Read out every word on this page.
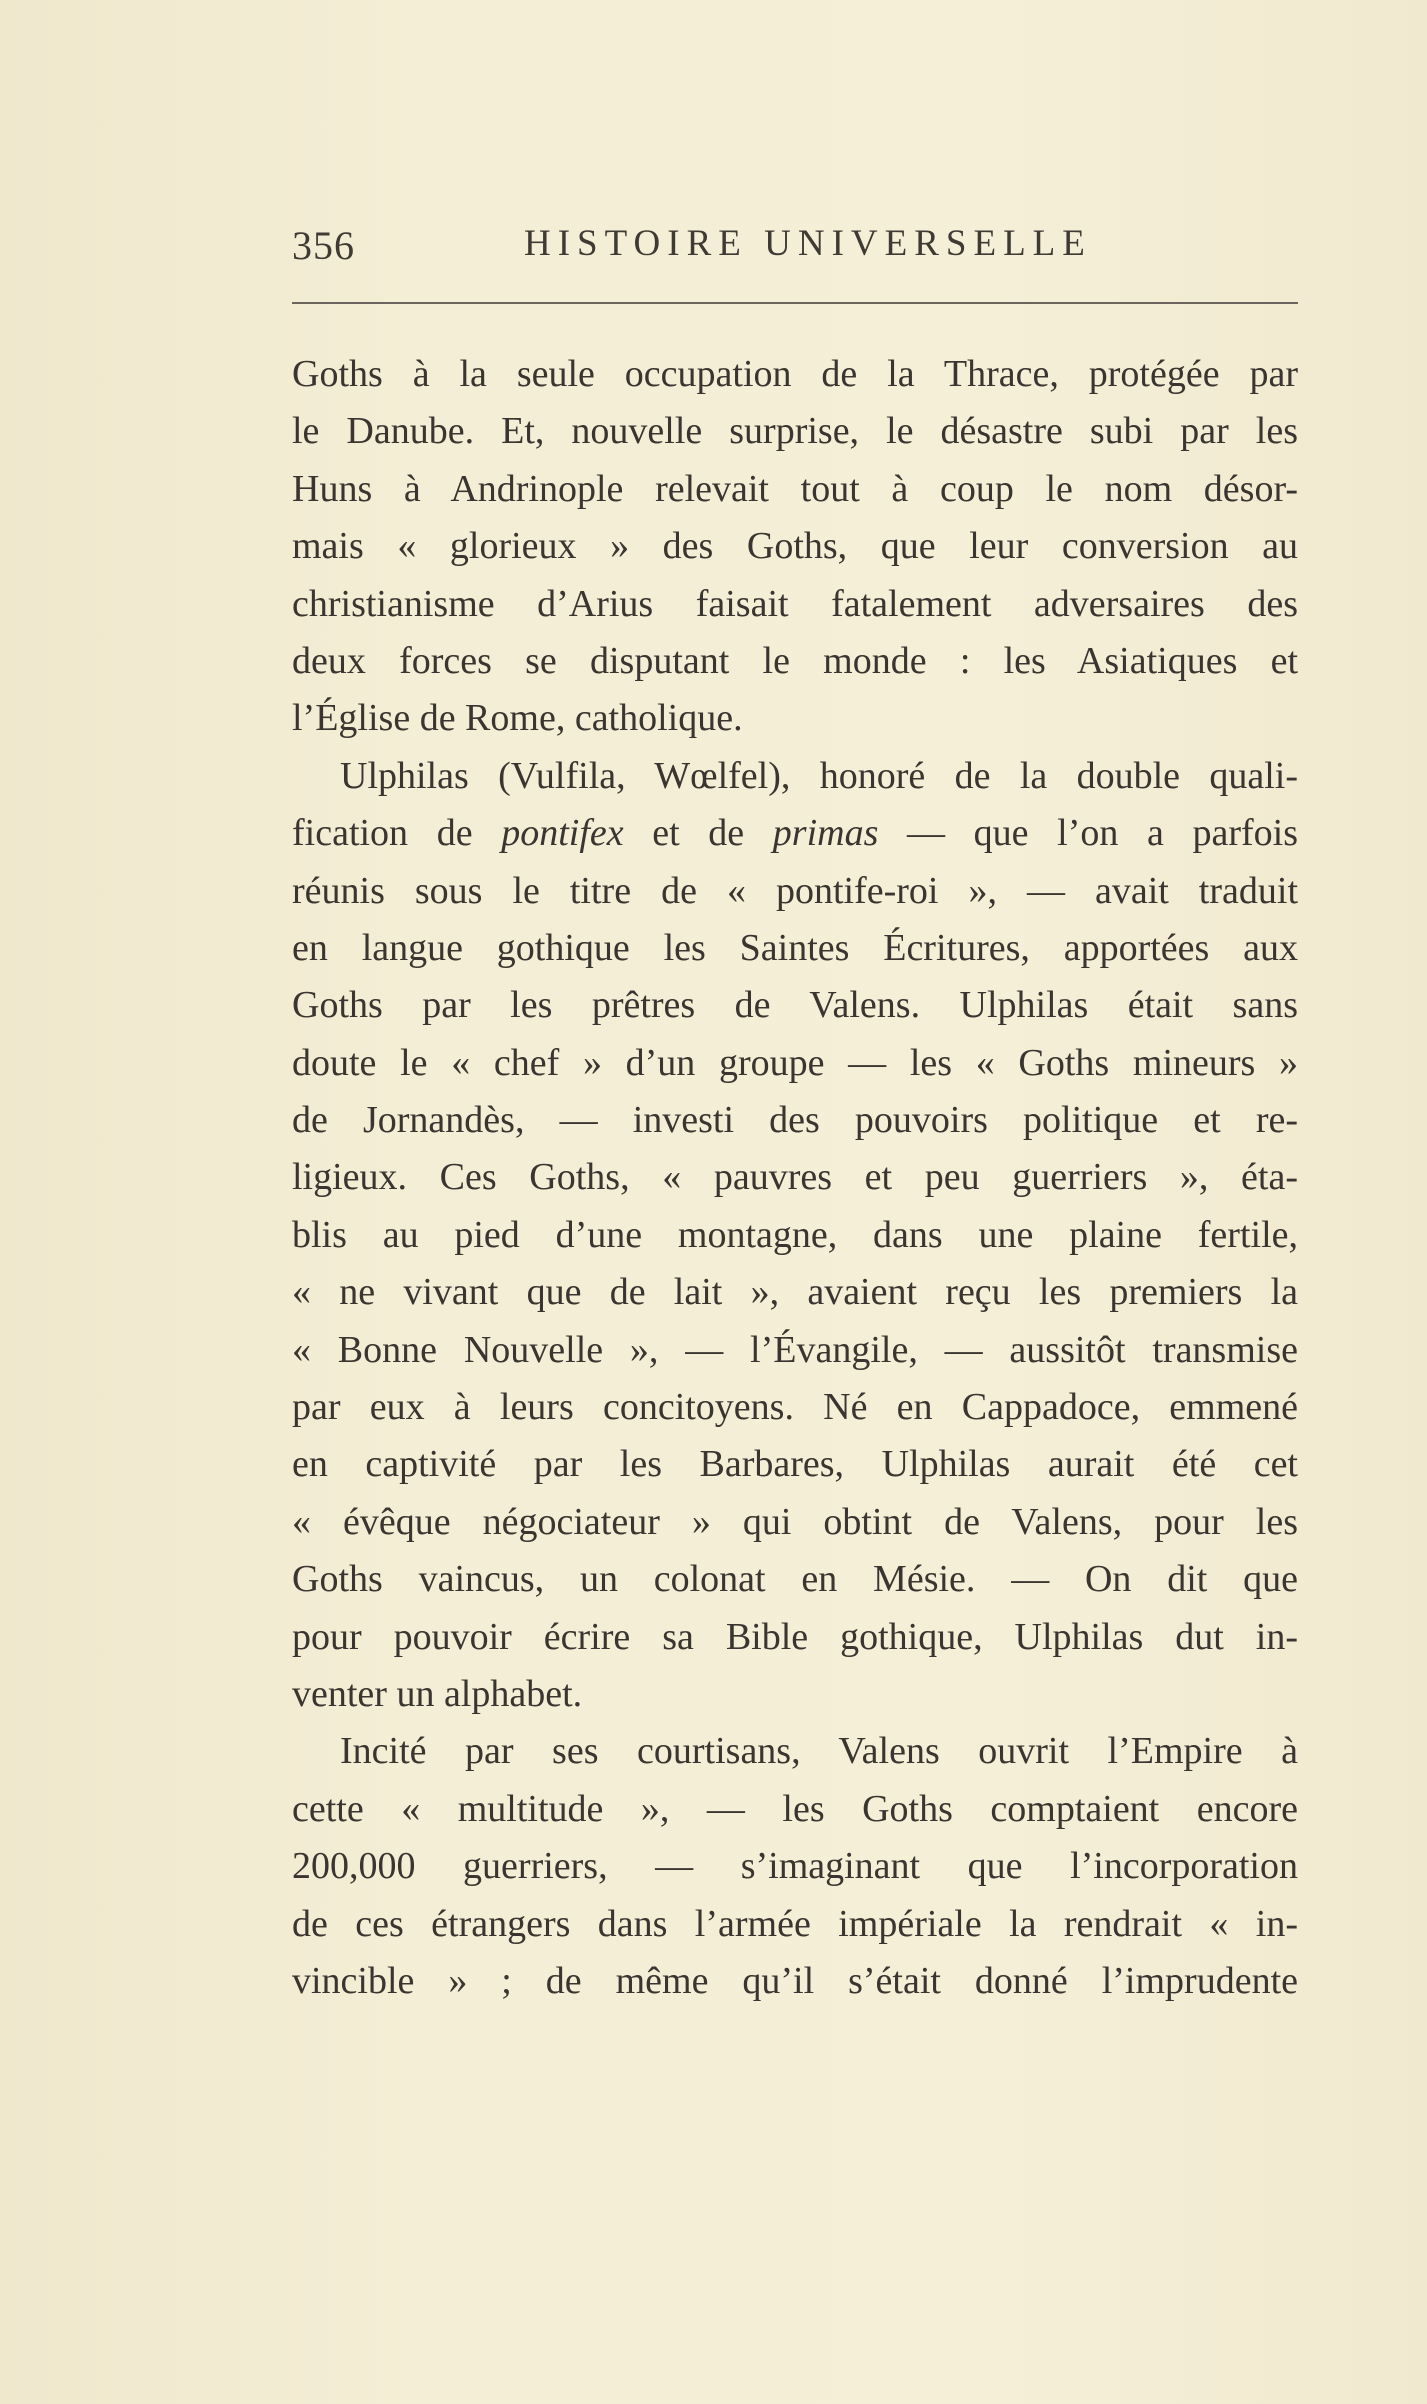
356	HISTOIRE UNIVERSELLE
Goths à la seule occupation de la Thrace, protégée par
le Danube. Et, nouvelle surprise, le désastre subi par les
Huns à Andrinople relevait tout à coup le nom désor-
mais « glorieux » des Goths, que leur conversion au
christianisme d’Arius faisait fatalement adversaires des
deux forces se disputant le monde : les Asiatiques et
l’Église de Rome, catholique.
Ulphilas (Vulfila, Wœlfel), honoré de la double quali-
fication de pontifex et de primas — que l’on a parfois
réunis sous le titre de « pontife-roi », — avait traduit
en langue gothique les Saintes Écritures, apportées aux
Goths par les prêtres de Valens. Ulphilas était sans
doute le « chef » d’un groupe — les « Goths mineurs »
de Jornandès, — investi des pouvoirs politique et re-
ligieux. Ces Goths, « pauvres et peu guerriers », éta-
blis au pied d’une montagne, dans une plaine fertile,
« ne vivant que de lait », avaient reçu les premiers la
« Bonne Nouvelle », — l’Évangile, — aussitôt transmise
par eux à leurs concitoyens. Né en Cappadoce, emmené
en captivité par les Barbares, Ulphilas aurait été cet
« évêque négociateur » qui obtint de Valens, pour les
Goths vaincus, un colonat en Mésie. — On dit que
pour pouvoir écrire sa Bible gothique, Ulphilas dut in-
venter un alphabet.
Incité par ses courtisans, Valens ouvrit l’Empire à
cette « multitude », — les Goths comptaient encore
200,000 guerriers, — s’imaginant que l’incorporation
de ces étrangers dans l’armée impériale la rendrait « in-
vincible » ; de même qu’il s’était donné l’imprudente
